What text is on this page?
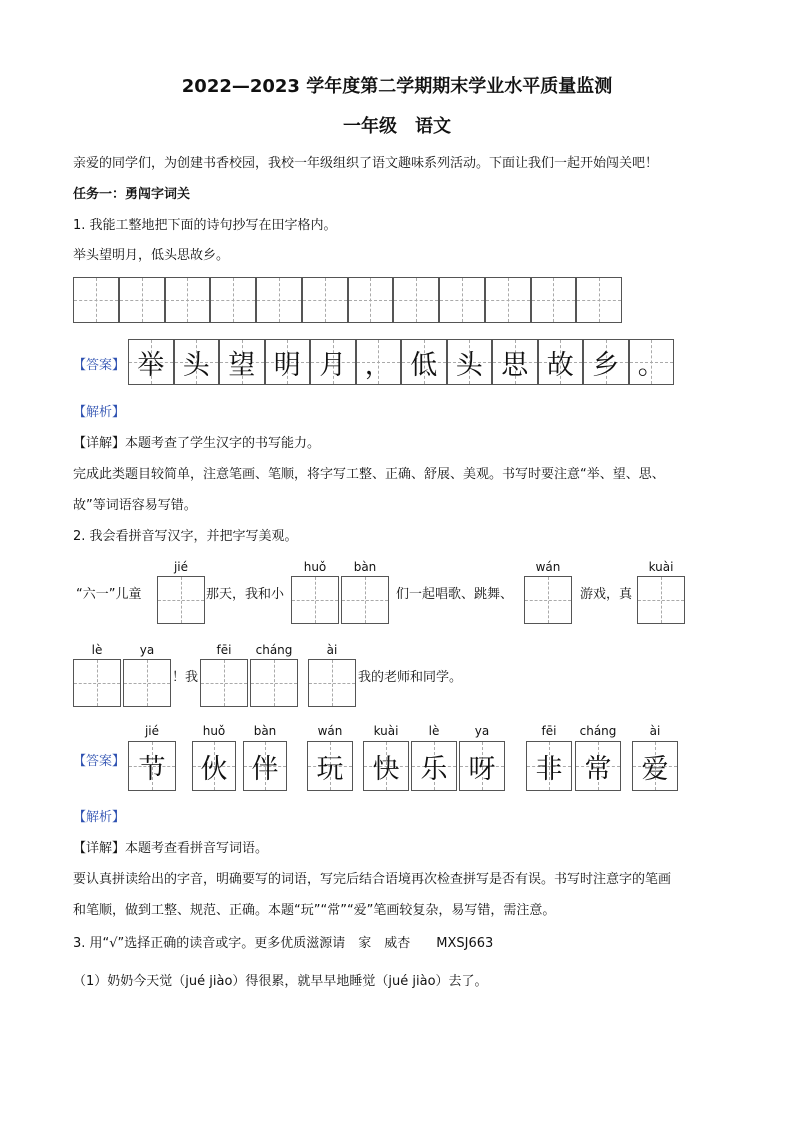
2022—2023 学年度第二学期期末学业水平质量监测
一年级　语文
亲爱的同学们，为创建书香校园，我校一年级组织了语文趣味系列活动。下面让我们一起开始闯关吧！
任务一：勇闯字词关
1. 我能工整地把下面的诗句抄写在田字格内。
举头望明月，低头思故乡。
【答案】 举 头 望 明 月 ， 低 头 思 故 乡 。
【解析】
【详解】本题考查了学生汉字的书写能力。
完成此类题目较简单，注意笔画、笔顺，将字写工整、正确、舒展、美观。书写时要注意“举、望、思、
故”等词语容易写错。
2. 我会看拼音写汉字，并把字写美观。
“六一”儿童	那天，我和小	们一起唱歌、跳舞、	游戏，真
！我	我的老师和同学。
jié	huǒ	bàn	wán	kuài
lè	ya	fēi	cháng	ài
【答案】
jié	huǒ	bàn	wán	kuài	lè	ya	fēi	cháng	ài
节	伙 伴	玩	快 乐 呀	非 常	爱
【解析】
【详解】本题考查看拼音写词语。
要认真拼读给出的字音，明确要写的词语，写完后结合语境再次检查拼写是否有误。书写时注意字的笔画
和笔顺，做到工整、规范、正确。本题“玩”“常”“爱”笔画较复杂，易写错，需注意。
3. 用“√”选择正确的读音或字。更多优质滋源请　家　威杏　　MXSJ663
（1）奶奶今天觉（jué jiào）得很累，就早早地睡觉（jué jiào）去了。
